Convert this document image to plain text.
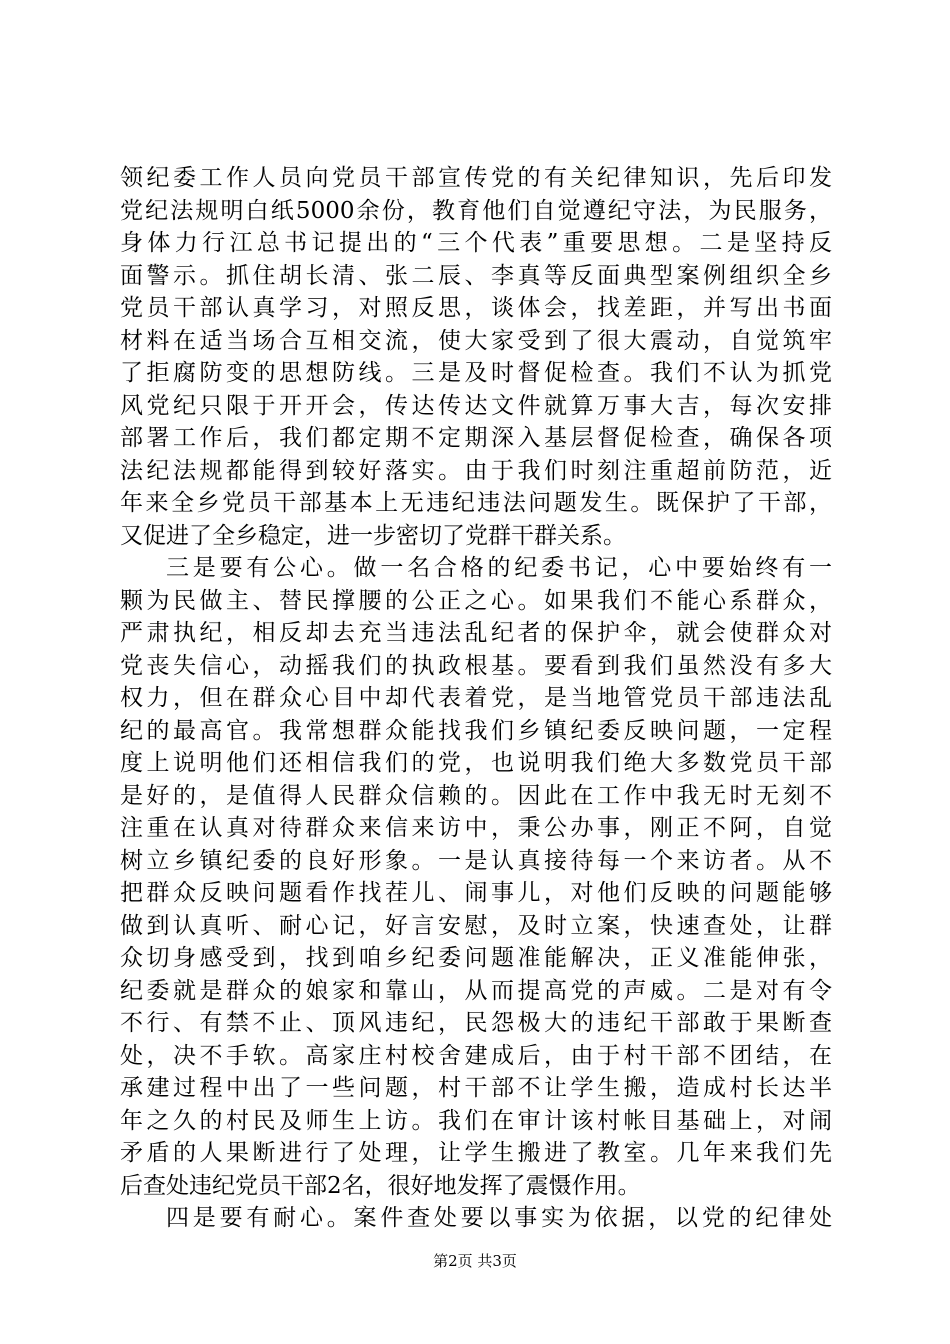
领纪委工作人员向党员干部宣传党的有关纪律知识，先后印发
党纪法规明白纸5000余份，教育他们自觉遵纪守法，为民服务，
身体力行江总书记提出的“三个代表”重要思想。二是坚持反
面警示。抓住胡长清、张二辰、李真等反面典型案例组织全乡
党员干部认真学习，对照反思，谈体会，找差距，并写出书面
材料在适当场合互相交流，使大家受到了很大震动，自觉筑牢
了拒腐防变的思想防线。三是及时督促检查。我们不认为抓党
风党纪只限于开开会，传达传达文件就算万事大吉，每次安排
部署工作后，我们都定期不定期深入基层督促检查，确保各项
法纪法规都能得到较好落实。由于我们时刻注重超前防范，近
年来全乡党员干部基本上无违纪违法问题发生。既保护了干部，
又促进了全乡稳定，进一步密切了党群干群关系。
三是要有公心。做一名合格的纪委书记，心中要始终有一
颗为民做主、替民撑腰的公正之心。如果我们不能心系群众，
严肃执纪，相反却去充当违法乱纪者的保护伞，就会使群众对
党丧失信心，动摇我们的执政根基。要看到我们虽然没有多大
权力，但在群众心目中却代表着党，是当地管党员干部违法乱
纪的最高官。我常想群众能找我们乡镇纪委反映问题，一定程
度上说明他们还相信我们的党，也说明我们绝大多数党员干部
是好的，是值得人民群众信赖的。因此在工作中我无时无刻不
注重在认真对待群众来信来访中，秉公办事，刚正不阿，自觉
树立乡镇纪委的良好形象。一是认真接待每一个来访者。从不
把群众反映问题看作找茬儿、闹事儿，对他们反映的问题能够
做到认真听、耐心记，好言安慰，及时立案，快速查处，让群
众切身感受到，找到咱乡纪委问题准能解决，正义准能伸张，
纪委就是群众的娘家和靠山，从而提高党的声威。二是对有令
不行、有禁不止、顶风违纪，民怨极大的违纪干部敢于果断查
处，决不手软。高家庄村校舍建成后，由于村干部不团结，在
承建过程中出了一些问题，村干部不让学生搬，造成村长达半
年之久的村民及师生上访。我们在审计该村帐目基础上，对闹
矛盾的人果断进行了处理，让学生搬进了教室。几年来我们先
后查处违纪党员干部2名，很好地发挥了震慑作用。
四是要有耐心。案件查处要以事实为依据，以党的纪律处
第2页 共3页
